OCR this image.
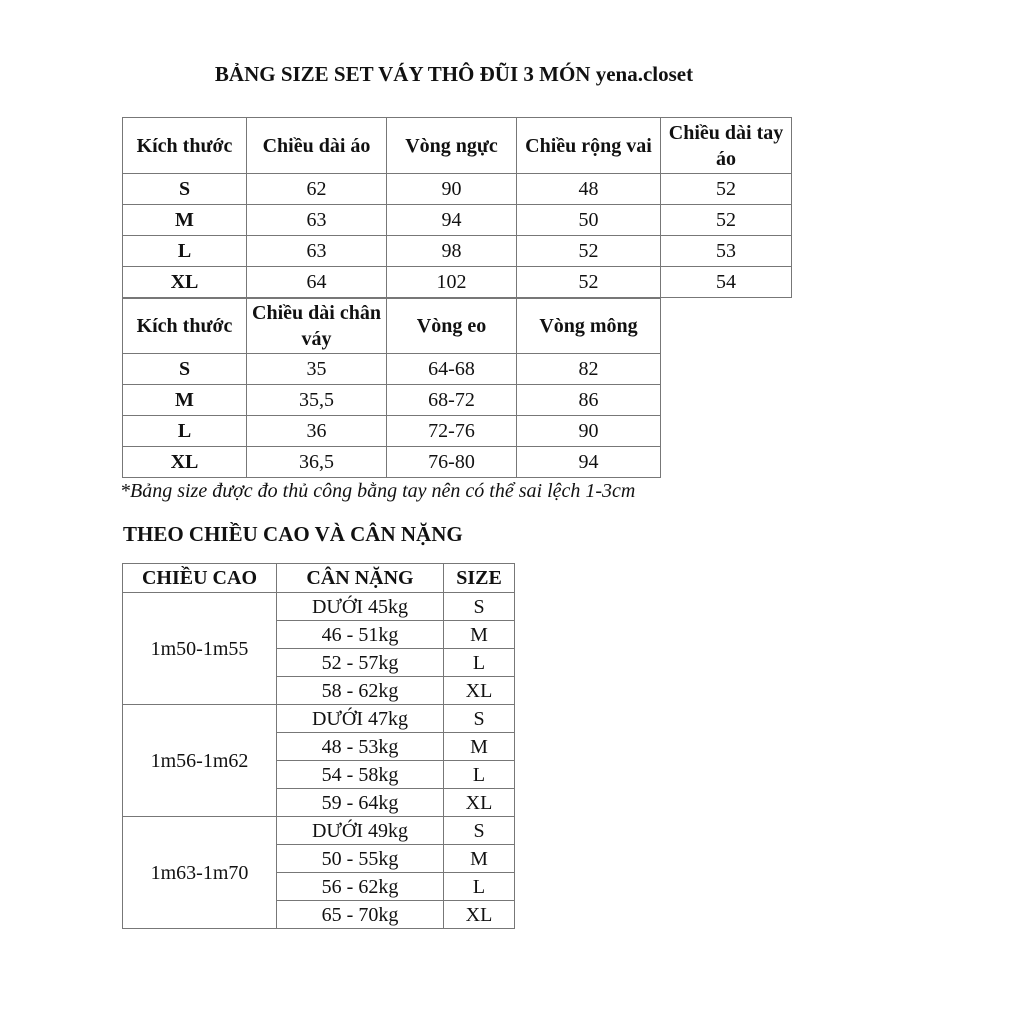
BẢNG SIZE SET VÁY THÔ ĐŨI 3 MÓN yena.closet
Kích thước	Chiều dài áo	Vòng ngực	Chiều rộng vai	Chiều dài tay áo
S	62	90	48	52
M	63	94	50	52
L	63	98	52	53
XL	64	102	52	54
Kích thước	Chiều dài chân váy	Vòng eo	Vòng mông
S	35	64-68	82
M	35,5	68-72	86
L	36	72-76	90
XL	36,5	76-80	94
*Bảng size được đo thủ công bằng tay nên có thể sai lệch 1-3cm
THEO CHIỀU CAO VÀ CÂN NẶNG
CHIỀU CAO	CÂN NẶNG	SIZE
1m50-1m55	DƯỚI 45kg	S
	46 - 51kg	M
	52 - 57kg	L
	58 - 62kg	XL
1m56-1m62	DƯỚI 47kg	S
	48 - 53kg	M
	54 - 58kg	L
	59 - 64kg	XL
1m63-1m70	DƯỚI 49kg	S
	50 - 55kg	M
	56 - 62kg	L
	65 - 70kg	XL
